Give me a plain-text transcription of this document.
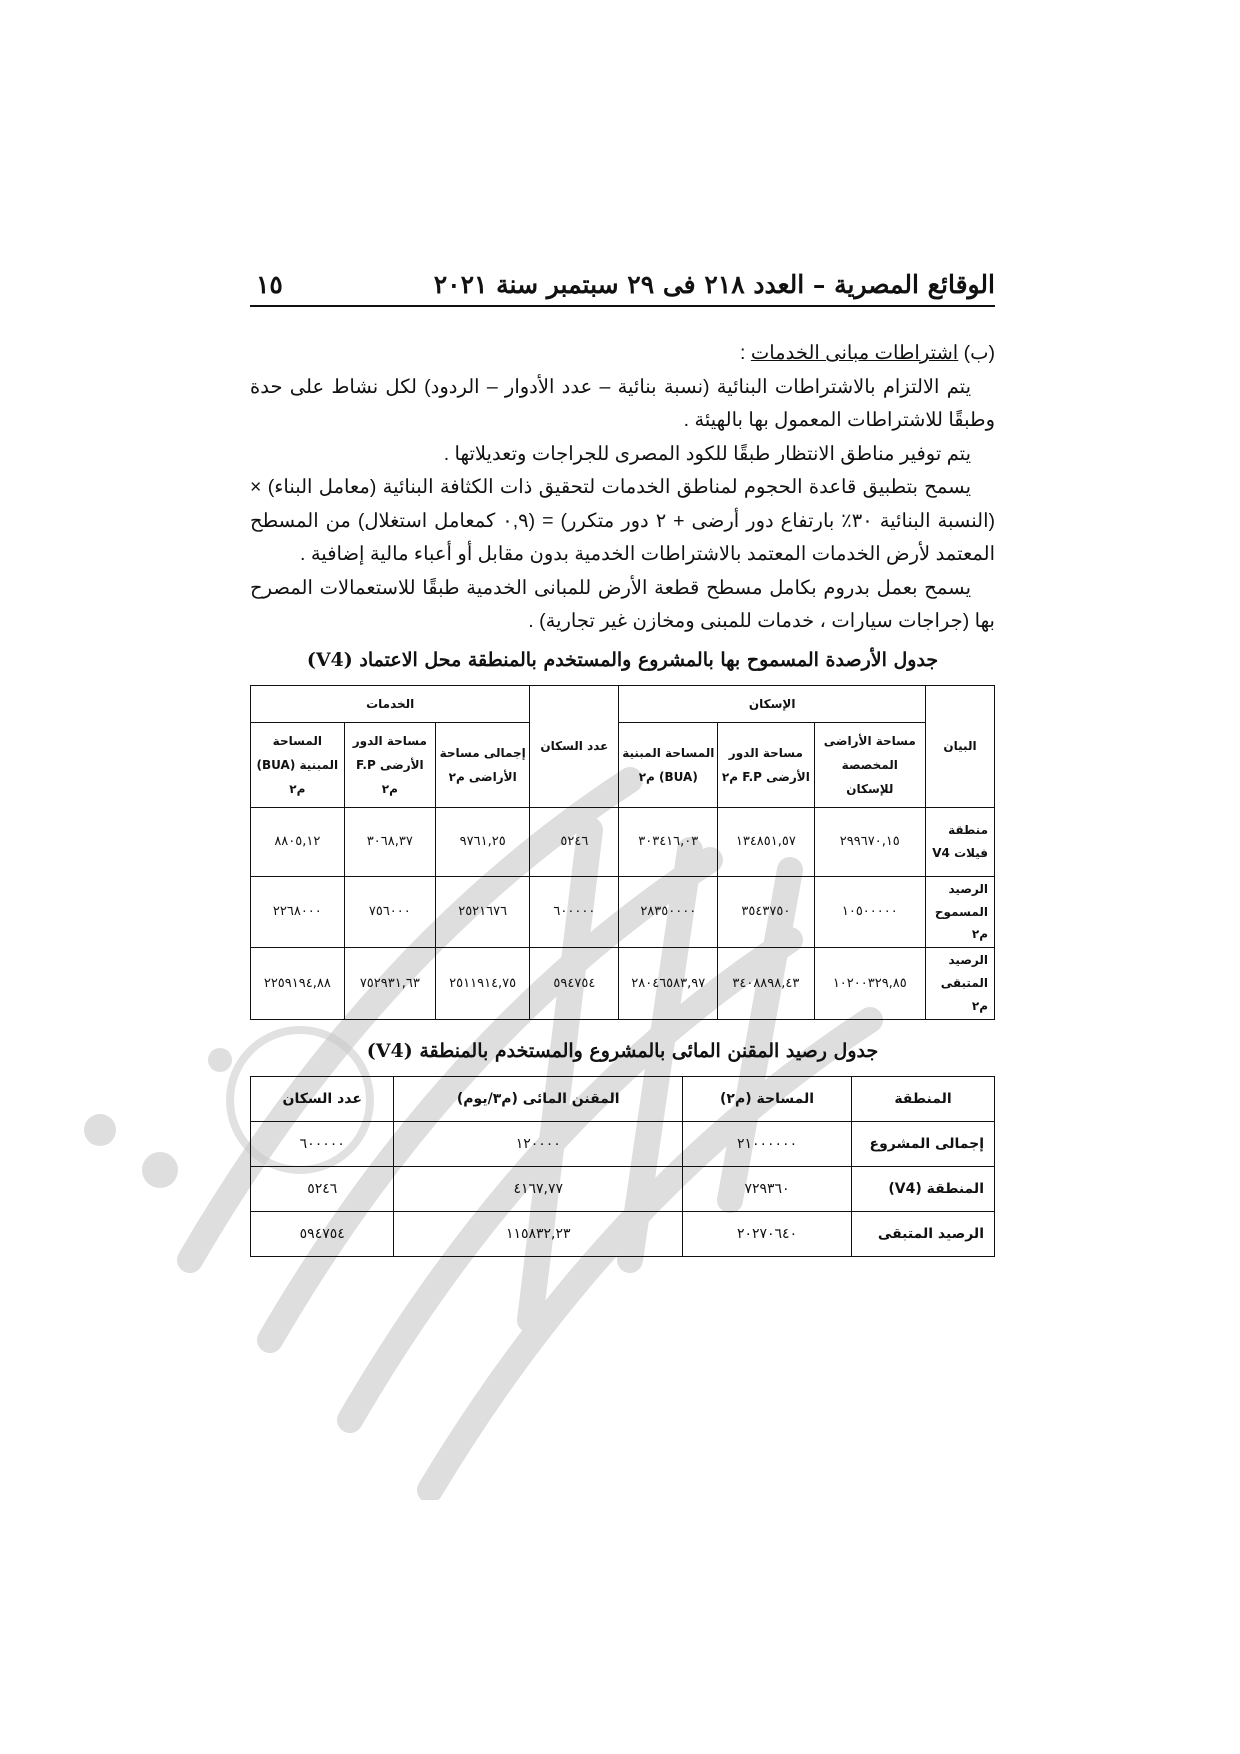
الوقائع المصرية – العدد ٢١٨ فى ٢٩ سبتمبر سنة ٢٠٢١
١٥

(ب) اشتراطات مبانى الخدمات :

يتم الالتزام بالاشتراطات البنائية (نسبة بنائية – عدد الأدوار – الردود) لكل نشاط على حدة وطبقًا للاشتراطات المعمول بها بالهيئة .

يتم توفير مناطق الانتظار طبقًا للكود المصرى للجراجات وتعديلاتها .

يسمح بتطبيق قاعدة الحجوم لمناطق الخدمات لتحقيق ذات الكثافة البنائية (معامل البناء) × (النسبة البنائية ٣٠٪ بارتفاع دور أرضى + ٢ دور متكرر) = (٠,٩ كمعامل استغلال) من المسطح المعتمد لأرض الخدمات المعتمد بالاشتراطات الخدمية بدون مقابل أو أعباء مالية إضافية .

يسمح بعمل بدروم بكامل مسطح قطعة الأرض للمبانى الخدمية طبقًا للاستعمالات المصرح بها (جراجات سيارات ، خدمات للمبنى ومخازن غير تجارية) .

جدول الأرصدة المسموح بها بالمشروع والمستخدم بالمنطقة محل الاعتماد (V4)
البيان	الإسكان			عدد السكان	الخدمات		
	مساحة الأراضى المخصصة للإسكان	مساحة الدور الأرضى F.P م٢	المساحة المبنية (BUA) م٢		إجمالى مساحة الأراضى م٢	مساحة الدور الأرضى F.P م٢	المساحة المبنية (BUA) م٢
منطقة فيلات V4	٢٩٩٦٧٠,١٥	١٣٤٨٥١,٥٧	٣٠٣٤١٦,٠٣	٥٢٤٦	٩٧٦١,٢٥	٣٠٦٨,٣٧	٨٨٠٥,١٢
الرصيد المسموح م٢	١٠٥٠٠٠٠٠	٣٥٤٣٧٥٠	٢٨٣٥٠٠٠٠	٦٠٠٠٠٠	٢٥٢١٦٧٦	٧٥٦٠٠٠	٢٢٦٨٠٠٠
الرصيد المتبقى م٢	١٠٢٠٠٣٢٩,٨٥	٣٤٠٨٨٩٨,٤٣	٢٨٠٤٦٥٨٣,٩٧	٥٩٤٧٥٤	٢٥١١٩١٤,٧٥	٧٥٢٩٣١,٦٣	٢٢٥٩١٩٤,٨٨
جدول رصيد المقنن المائى بالمشروع والمستخدم بالمنطقة (V4)
المنطقة	المساحة (م٢)	المقنن المائى (م٣/يوم)	عدد السكان
إجمالى المشروع	٢١٠٠٠٠٠٠	١٢٠٠٠٠	٦٠٠٠٠٠
المنطقة (V4)	٧٢٩٣٦٠	٤١٦٧,٧٧	٥٢٤٦
الرصيد المتبقى	٢٠٢٧٠٦٤٠	١١٥٨٣٢,٢٣	٥٩٤٧٥٤
